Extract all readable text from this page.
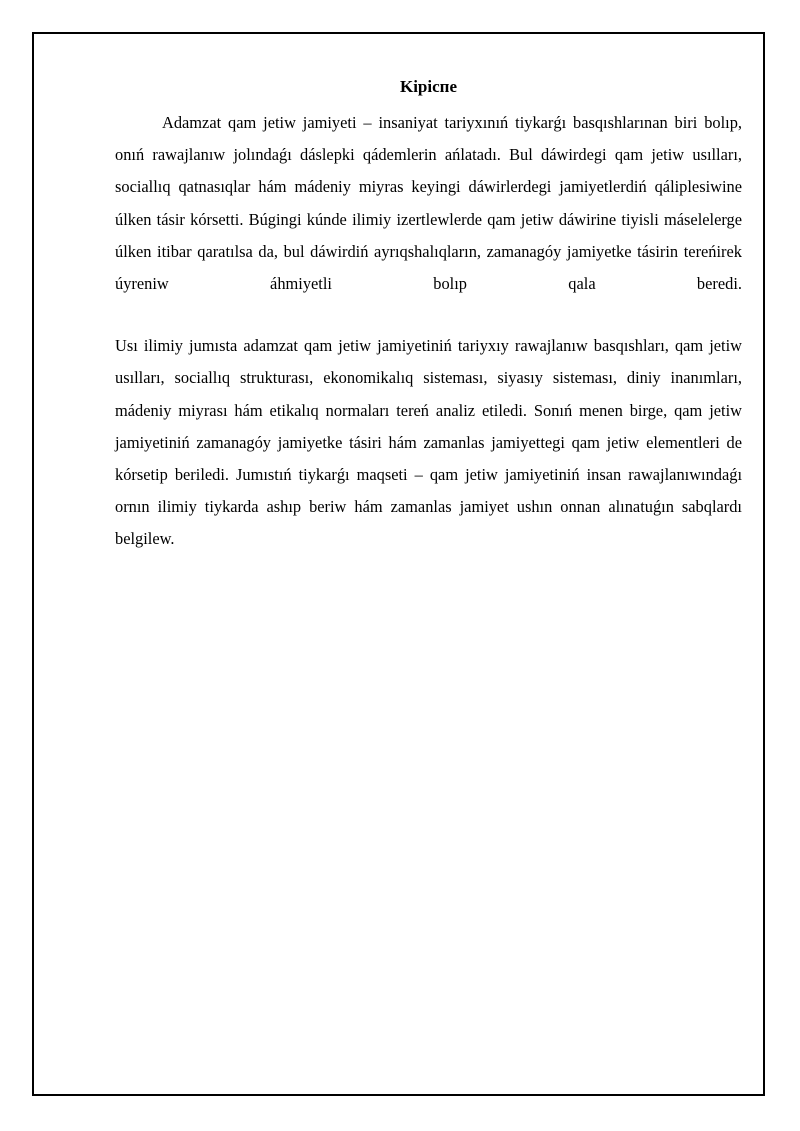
Kipicпe

Adamzat qam jetiw jamiyeti – insaniyat tariyxınıń tiykarǵı basqıshlarınan biri bolıp, onıń rawajlanıw jolındaǵı dáslepki qádemlerin ańlatadı. Bul dáwirdegi qam jetiw usılları, sociallıq qatnasıqlar hám mádeniy miyras keyingi dáwirlerdegi jamiyetlerdiń qáliplesiwine úlken tásir kórsetti. Búgingi kúnde ilimiy izertlewlerde qam jetiw dáwirine tiyisli máselelerge úlken itibar qaratılsa da, bul dáwirdiń ayrıqshalıqların, zamanagóy jamiyetke tásirin tereńirek úyreniw áhmiyetli bolıp qala beredi.

Usı ilimiy jumısta adamzat qam jetiw jamiyetiniń tariyxıy rawajlanıw basqıshları, qam jetiw usılları, sociallıq strukturası, ekonomikalıq sisteması, siyasıy sisteması, diniy inanımları, mádeniy miyrası hám etikalıq normaları tereń analiz etiledi. Sonıń menen birge, qam jetiw jamiyetiniń zamanagóy jamiyetke tásiri hám zamanlas jamiyettegi qam jetiw elementleri de kórsetip beriledi. Jumıstıń tiykarǵı maqseti – qam jetiw jamiyetiniń insan rawajlanıwındaǵı ornın ilimiy tiykarda ashıp beriw hám zamanlas jamiyet ushın onnan alınatuǵın sabqlardı belgilew.
